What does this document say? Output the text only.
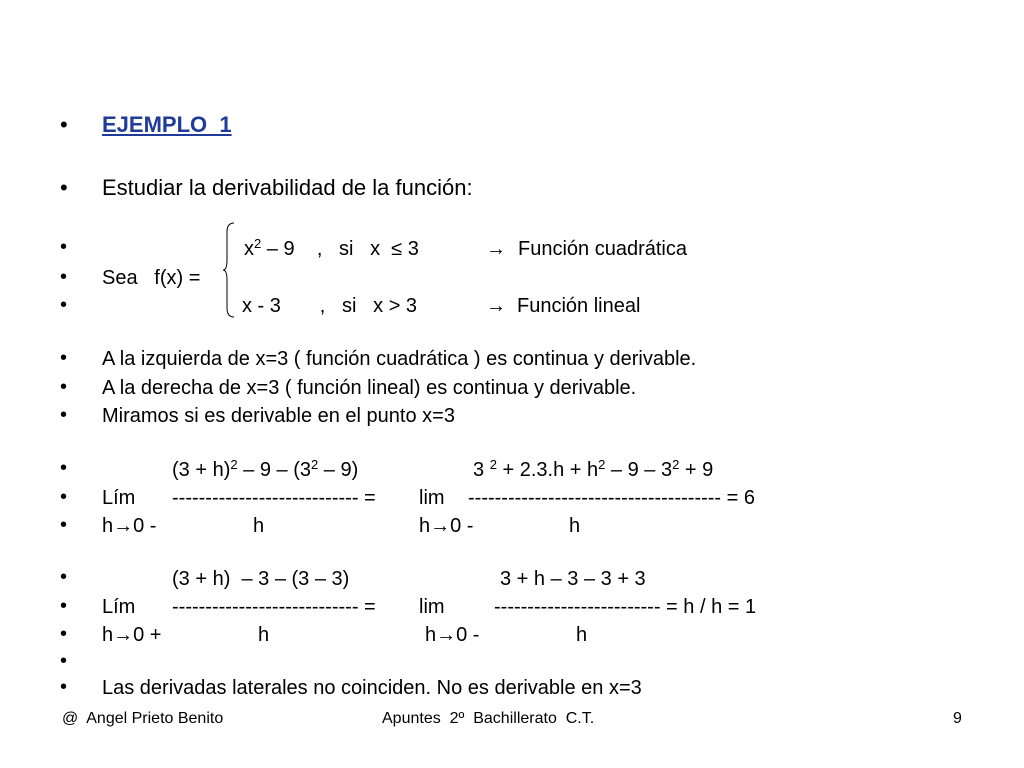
•
•
•
•
•
•
•
•
•
•
•
•
•
•
•
•
EJEMPLO  1
Estudiar la derivabilidad de la función:
$x^2 - 9$    ,   si   x  ≤ 3	→ Función cuadrática
Sea   f(x) =
x - 3       ,   si   x > 3	→ Función lineal
A la izquierda de x=3 ( función cuadrática ) es continua y derivable.
A la derecha de x=3 ( función lineal) es continua y derivable.
Miramos si es derivable en el punto x=3
$(3 + h)^2 - 9 - (3^2 - 9)$	3 $^2 + 2.3.h + h^2 - 9 - 3^2 + 9$
Lím ---------------------------- = lim -------------------------------------- = 6
h→0 -	h	h→0 -	h
(3 + h)  – 3 – (3 – 3)	3 + h – 3 – 3 + 3
Lím ---------------------------- = lim ------------------------- = h / h = 1
h→0 +	h	h→0 -	h
Las derivadas laterales no coinciden. No es derivable en x=3
@  Angel Prieto Benito	Apuntes  2º  Bachillerato  C.T.	9
